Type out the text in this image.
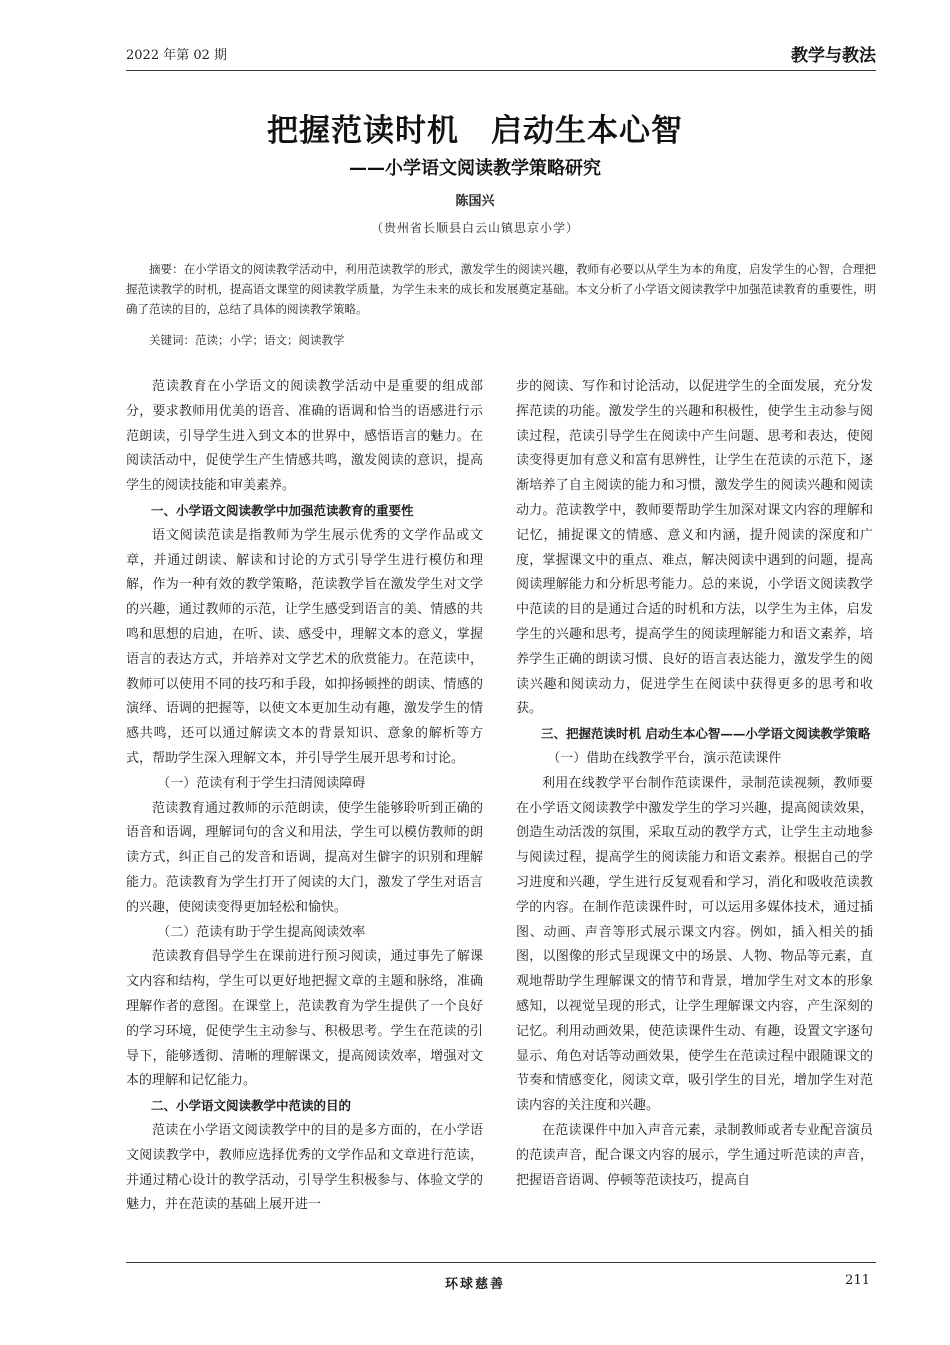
2022 年第 02 期	教学与教法
把握范读时机　启动生本心智
——小学语文阅读教学策略研究
陈国兴
（贵州省长顺县白云山镇思京小学）
摘要：在小学语文的阅读教学活动中，利用范读教学的形式，激发学生的阅读兴趣，教师有必要以从学生为本的角度，启发学生的心智，合理把握范读教学的时机，提高语文课堂的阅读教学质量，为学生未来的成长和发展奠定基础。本文分析了小学语文阅读教学中加强范读教育的重要性，明确了范读的目的，总结了具体的阅读教学策略。
关键词：范读；小学；语文；阅读教学

范读教育在小学语文的阅读教学活动中是重要的组成部分，要求教师用优美的语音、准确的语调和恰当的语感进行示范朗读，引导学生进入到文本的世界中，感悟语言的魅力。在阅读活动中，促使学生产生情感共鸣，激发阅读的意识，提高学生的阅读技能和审美素养。

一、小学语文阅读教学中加强范读教育的重要性

语文阅读范读是指教师为学生展示优秀的文学作品或文章，并通过朗读、解读和讨论的方式引导学生进行模仿和理解，作为一种有效的教学策略，范读教学旨在激发学生对文学的兴趣，通过教师的示范，让学生感受到语言的美、情感的共鸣和思想的启迪，在听、读、感受中，理解文本的意义，掌握语言的表达方式，并培养对文学艺术的欣赏能力。在范读中，教师可以使用不同的技巧和手段，如抑扬顿挫的朗读、情感的演绎、语调的把握等，以使文本更加生动有趣，激发学生的情感共鸣，还可以通过解读文本的背景知识、意象的解析等方式，帮助学生深入理解文本，并引导学生展开思考和讨论。

（一）范读有利于学生扫清阅读障碍

范读教育通过教师的示范朗读，使学生能够聆听到正确的语音和语调，理解词句的含义和用法，学生可以模仿教师的朗读方式，纠正自己的发音和语调，提高对生僻字的识别和理解能力。范读教育为学生打开了阅读的大门，激发了学生对语言的兴趣，使阅读变得更加轻松和愉快。

（二）范读有助于学生提高阅读效率

范读教育倡导学生在课前进行预习阅读，通过事先了解课文内容和结构，学生可以更好地把握文章的主题和脉络，准确理解作者的意图。在课堂上，范读教育为学生提供了一个良好的学习环境，促使学生主动参与、积极思考。学生在范读的引导下，能够透彻、清晰的理解课文，提高阅读效率，增强对文本的理解和记忆能力。

二、小学语文阅读教学中范读的目的

范读在小学语文阅读教学中的目的是多方面的，在小学语文阅读教学中，教师应选择优秀的文学作品和文章进行范读，并通过精心设计的教学活动，引导学生积极参与、体验文学的魅力，并在范读的基础上展开进一

步的阅读、写作和讨论活动，以促进学生的全面发展，充分发挥范读的功能。激发学生的兴趣和积极性，使学生主动参与阅读过程，范读引导学生在阅读中产生问题、思考和表达，使阅读变得更加有意义和富有思辨性，让学生在范读的示范下，逐渐培养了自主阅读的能力和习惯，激发学生的阅读兴趣和阅读动力。范读教学中，教师要帮助学生加深对课文内容的理解和记忆，捕捉课文的情感、意义和内涵，提升阅读的深度和广度，掌握课文中的重点、难点，解决阅读中遇到的问题，提高阅读理解能力和分析思考能力。总的来说，小学语文阅读教学中范读的目的是通过合适的时机和方法，以学生为主体，启发学生的兴趣和思考，提高学生的阅读理解能力和语文素养，培养学生正确的朗读习惯、良好的语言表达能力，激发学生的阅读兴趣和阅读动力，促进学生在阅读中获得更多的思考和收获。

三、把握范读时机 启动生本心智——小学语文阅读教学策略

（一）借助在线教学平台，演示范读课件

利用在线教学平台制作范读课件，录制范读视频，教师要在小学语文阅读教学中激发学生的学习兴趣，提高阅读效果，创造生动活泼的氛围，采取互动的教学方式，让学生主动地参与阅读过程，提高学生的阅读能力和语文素养。根据自己的学习进度和兴趣，学生进行反复观看和学习，消化和吸收范读教学的内容。在制作范读课件时，可以运用多媒体技术，通过插图、动画、声音等形式展示课文内容。例如，插入相关的插图，以图像的形式呈现课文中的场景、人物、物品等元素，直观地帮助学生理解课文的情节和背景，增加学生对文本的形象感知，以视觉呈现的形式，让学生理解课文内容，产生深刻的记忆。利用动画效果，使范读课件生动、有趣，设置文字逐句显示、角色对话等动画效果，使学生在范读过程中跟随课文的节奏和情感变化，阅读文章，吸引学生的目光，增加学生对范读内容的关注度和兴趣。

在范读课件中加入声音元素，录制教师或者专业配音演员的范读声音，配合课文内容的展示，学生通过听范读的声音，把握语音语调、停顿等范读技巧，提高自

环球慈善	211
